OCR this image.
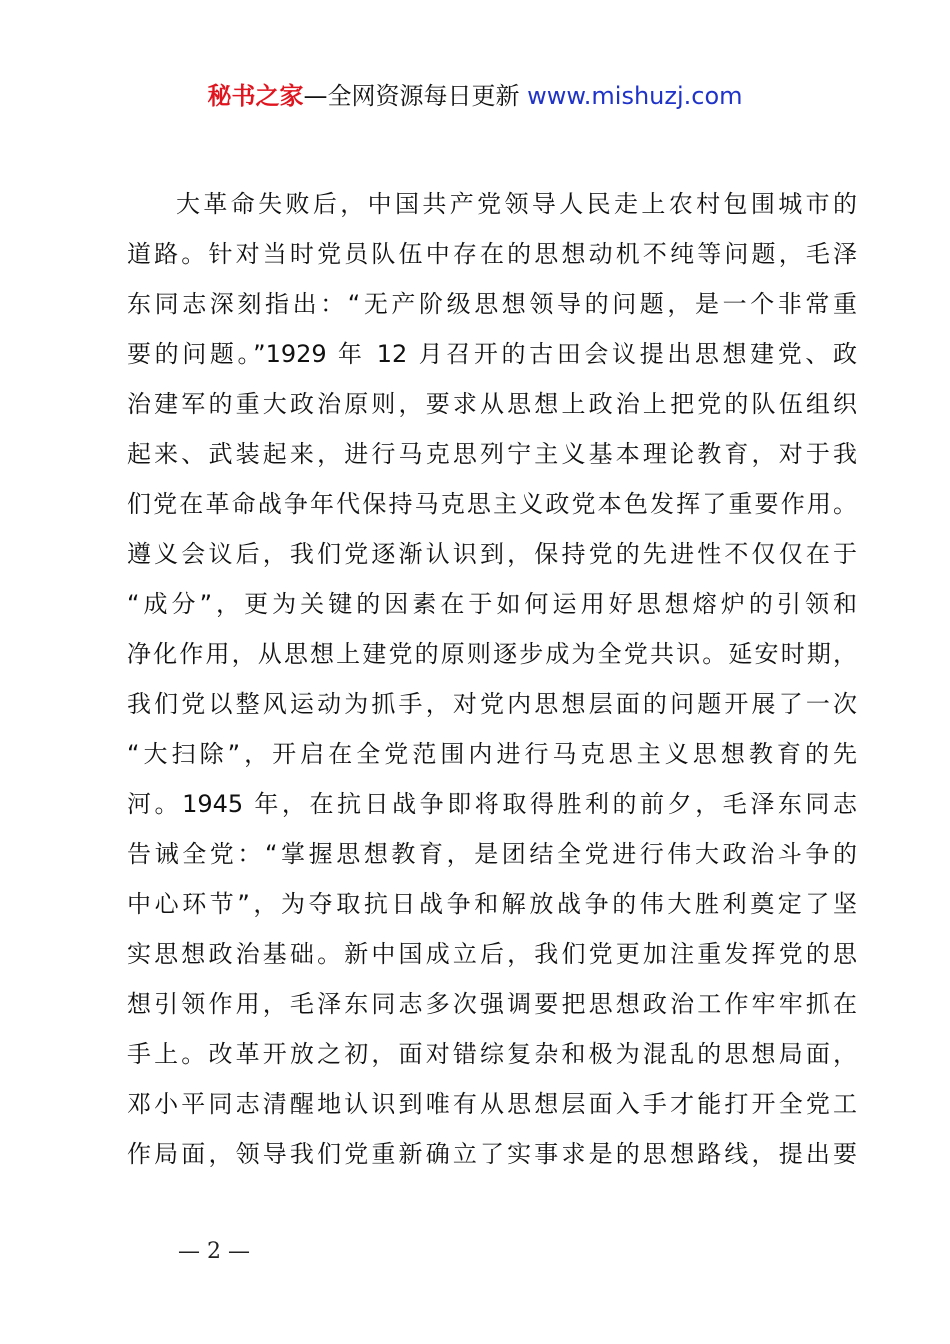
秘书之家—全网资源每日更新 www.mishuzj.com
大革命失败后，中国共产党领导人民走上农村包围城市的
道路。针对当时党员队伍中存在的思想动机不纯等问题，毛泽
东同志深刻指出：“无产阶级思想领导的问题，是一个非常重
要的问题。”1929 年 12 月召开的古田会议提出思想建党、政
治建军的重大政治原则，要求从思想上政治上把党的队伍组织
起来、武装起来，进行马克思列宁主义基本理论教育，对于我
们党在革命战争年代保持马克思主义政党本色发挥了重要作用。
遵义会议后，我们党逐渐认识到，保持党的先进性不仅仅在于
“成分”，更为关键的因素在于如何运用好思想熔炉的引领和
净化作用，从思想上建党的原则逐步成为全党共识。延安时期，
我们党以整风运动为抓手，对党内思想层面的问题开展了一次
“大扫除”，开启在全党范围内进行马克思主义思想教育的先
河。1945 年，在抗日战争即将取得胜利的前夕，毛泽东同志
告诫全党：“掌握思想教育，是团结全党进行伟大政治斗争的
中心环节”，为夺取抗日战争和解放战争的伟大胜利奠定了坚
实思想政治基础。新中国成立后，我们党更加注重发挥党的思
想引领作用，毛泽东同志多次强调要把思想政治工作牢牢抓在
手上。改革开放之初，面对错综复杂和极为混乱的思想局面，
邓小平同志清醒地认识到唯有从思想层面入手才能打开全党工
作局面，领导我们党重新确立了实事求是的思想路线，提出要
— 2 —
